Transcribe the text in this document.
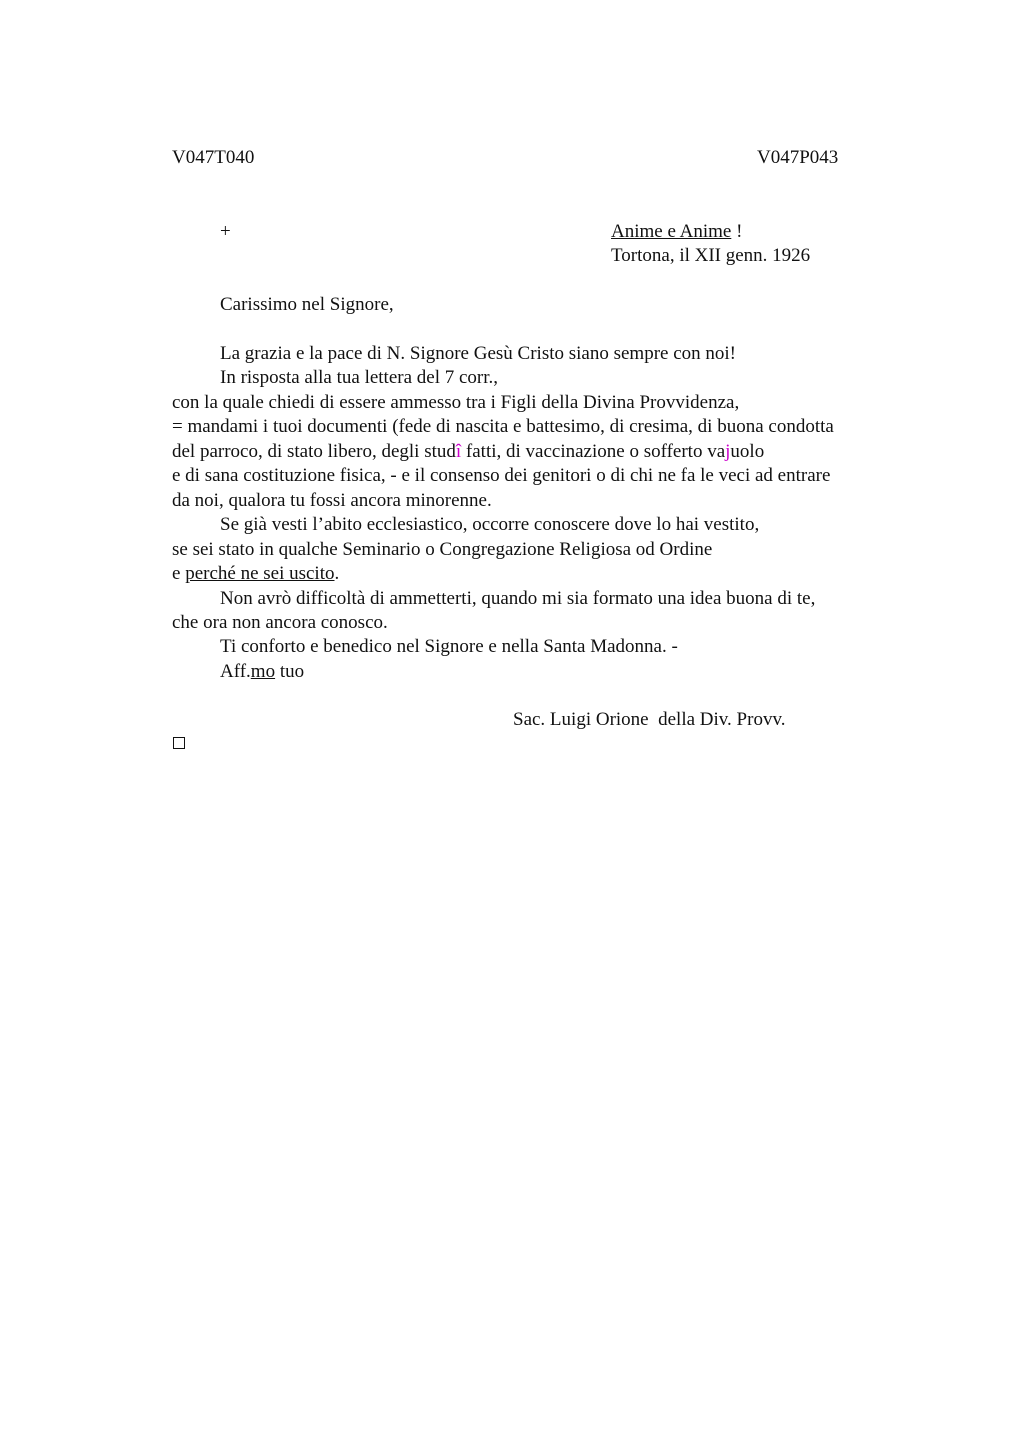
V047T040	V047P043
+	Anime e Anime !
Tortona, il XII genn. 1926
Carissimo nel Signore,
La grazia e la pace di N. Signore Gesù Cristo siano sempre con noi!
In risposta alla tua lettera del 7 corr.,
con la quale chiedi di essere ammesso tra i Figli della Divina Provvidenza,
= mandami i tuoi documenti (fede di nascita e battesimo, di cresima, di buona condotta
del parroco, di stato libero, degli studî fatti, di vaccinazione o sofferto vajuolo
e di sana costituzione fisica, - e il consenso dei genitori o di chi ne fa le veci ad entrare
da noi, qualora tu fossi ancora minorenne.
Se già vesti l’abito ecclesiastico, occorre conoscere dove lo hai vestito,
se sei stato in qualche Seminario o Congregazione Religiosa od Ordine
e perché ne sei uscito.
Non avrò difficoltà di ammetterti, quando mi sia formato una idea buona di te,
che ora non ancora conosco.
Ti conforto e benedico nel Signore e nella Santa Madonna. -
Aff.mo tuo
Sac. Luigi Orione  della Div. Provv.
